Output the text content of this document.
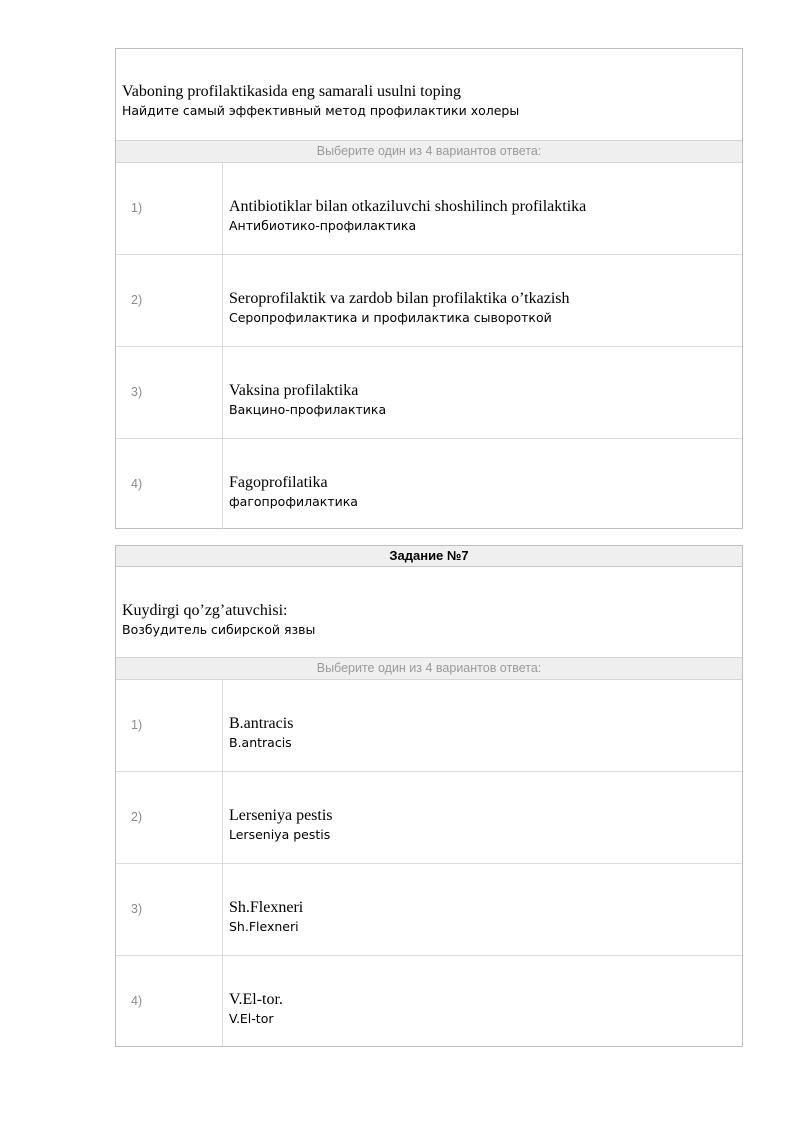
Vaboning profilaktikasida eng samarali usulni toping
Найдите самый эффективный метод профилактики холеры
Выберите один из 4 вариантов ответа:
1)	Antibiotiklar bilan otkaziluvchi shoshilinch profilaktika
Антибиотико-профилактика
2)	Seroprofilaktik va zardob bilan profilaktika o’tkazish
Серопрофилактика и профилактика сывороткой
3)	Vaksina profilaktika
Вакцино-профилактика
4)	Fagoprofilatika
фагопрофилактика
Задание №7
Kuydirgi qo’zg’atuvchisi:
Возбудитель сибирской язвы
Выберите один из 4 вариантов ответа:
1)	B.antracis
B.antracis
2)	Lerseniya pestis
Lerseniya pestis
3)	Sh.Flexneri
Sh.Flexneri
4)	V.El-tor.
V.El-tor
